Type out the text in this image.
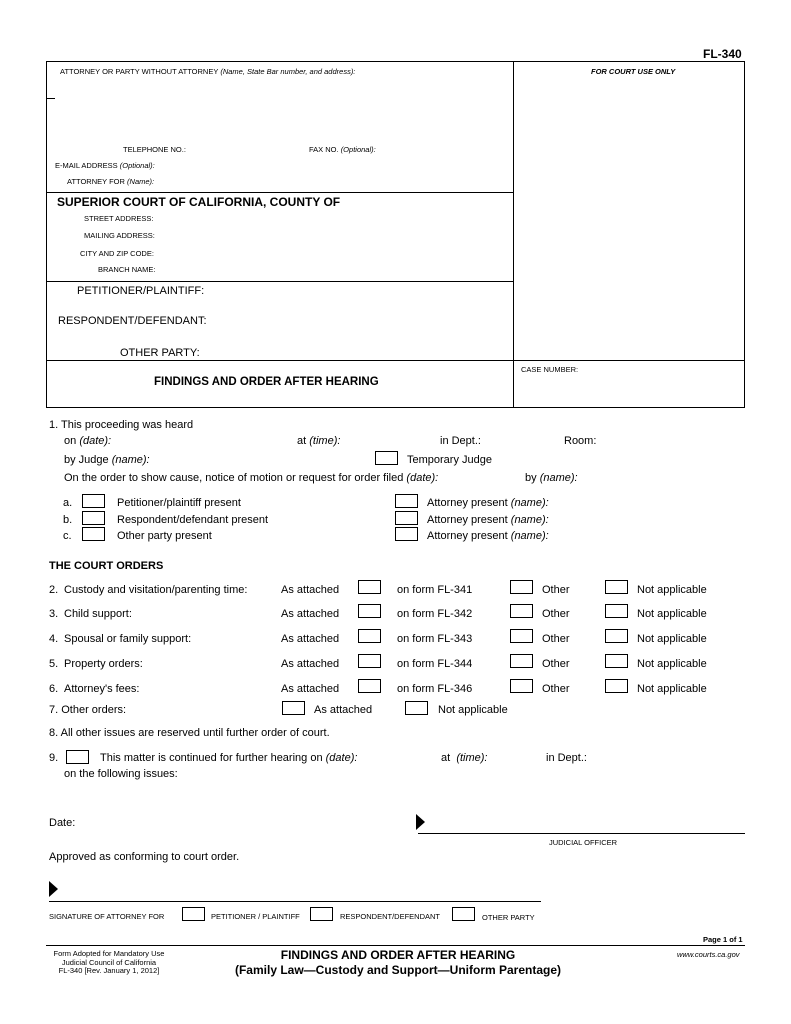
FL-340
ATTORNEY OR PARTY WITHOUT ATTORNEY (Name, State Bar number, and address):	FOR COURT USE ONLY
TELEPHONE NO.:	FAX NO. (Optional):
E-MAIL ADDRESS (Optional):
ATTORNEY FOR (Name):
SUPERIOR COURT OF CALIFORNIA, COUNTY OF
STREET ADDRESS:
MAILING ADDRESS:
CITY AND ZIP CODE:
BRANCH NAME:
PETITIONER/PLAINTIFF:
RESPONDENT/DEFENDANT:
OTHER PARTY:
FINDINGS AND ORDER AFTER HEARING
CASE NUMBER:
1. This proceeding was heard
on (date):	at (time):	in Dept.:	Room:
by Judge (name):	Temporary Judge
On the order to show cause, notice of motion or request for order filed (date):	by (name):
a.	Petitioner/plaintiff present	Attorney present (name):
b.	Respondent/defendant present	Attorney present (name):
c.	Other party present	Attorney present (name):
THE COURT ORDERS
2. Custody and visitation/parenting time:	As attached	on form FL-341	Other	Not applicable
3. Child support:	As attached	on form FL-342	Other	Not applicable
4. Spousal or family support:	As attached	on form FL-343	Other	Not applicable
5. Property orders:	As attached	on form FL-344	Other	Not applicable
6. Attorney's fees:	As attached	on form FL-346	Other	Not applicable
7. Other orders:	As attached	Not applicable
8. All other issues are reserved until further order of court.
9.	This matter is continued for further hearing on (date):	at (time):	in Dept.:
on the following issues:
Date:
JUDICIAL OFFICER
Approved as conforming to court order.
SIGNATURE OF ATTORNEY FOR	PETITIONER / PLAINTIFF	RESPONDENT/DEFENDANT	OTHER PARTY
Page 1 of 1
Form Adopted for Mandatory Use
Judicial Council of California
FL-340 [Rev. January 1, 2012]
FINDINGS AND ORDER AFTER HEARING
(Family Law—Custody and Support—Uniform Parentage)
www.courts.ca.gov
